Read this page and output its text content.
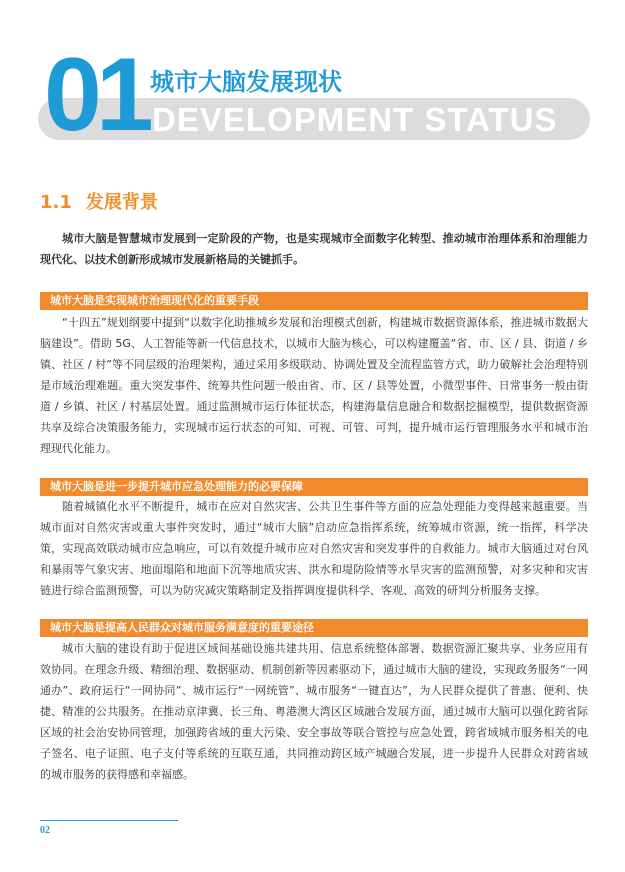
01 城市大脑发展现状
DEVELOPMENT STATUS
1.1 发展背景

城市大脑是智慧城市发展到一定阶段的产物，也是实现城市全面数字化转型、推动城市治理体系和治理能力现代化、以技术创新形成城市发展新格局的关键抓手。

城市大脑是实现城市治理现代化的重要手段

“十四五”规划纲要中提到“以数字化助推城乡发展和治理模式创新，构建城市数据资源体系，推进城市数据大脑建设”。借助 5G、人工智能等新一代信息技术，以城市大脑为核心，可以构建覆盖“省、市、区 / 县、街道 / 乡镇、社区 / 村”等不同层级的治理架构，通过采用多级联动、协调处置及全流程监管方式，助力破解社会治理特别是市域治理难题。重大突发事件、统筹共性问题一般由省、市、区 / 县等处置，小微型事件、日常事务一般由街道 / 乡镇、社区 / 村基层处置。通过监测城市运行体征状态，构建海量信息融合和数据挖掘模型，提供数据资源共享及综合决策服务能力，实现城市运行状态的可知、可视、可管、可判，提升城市运行管理服务水平和城市治理现代化能力。

城市大脑是进一步提升城市应急处理能力的必要保障

随着城镇化水平不断提升，城市在应对自然灾害、公共卫生事件等方面的应急处理能力变得越来越重要。当城市面对自然灾害或重大事件突发时，通过“城市大脑”启动应急指挥系统，统筹城市资源，统一指挥，科学决策，实现高效联动城市应急响应，可以有效提升城市应对自然灾害和突发事件的自救能力。城市大脑通过对台风和暴雨等气象灾害、地面塌陷和地面下沉等地质灾害、洪水和堤防险情等水旱灾害的监测预警，对多灾种和灾害链进行综合监测预警，可以为防灾减灾策略制定及指挥调度提供科学、客观、高效的研判分析服务支撑。

城市大脑是提高人民群众对城市服务满意度的重要途径

城市大脑的建设有助于促进区域间基础设施共建共用、信息系统整体部署、数据资源汇聚共享、业务应用有效协同。在理念升级、精细治理、数据驱动、机制创新等因素驱动下，通过城市大脑的建设，实现政务服务“一网通办”、政府运行“一网协同”、城市运行“一网统管”、城市服务“一键直达”，为人民群众提供了普惠、便利、快捷、精准的公共服务。在推动京津冀、长三角、粤港澳大湾区区域融合发展方面，通过城市大脑可以强化跨省际区域的社会治安协同管理，加强跨省域的重大污染、安全事故等联合管控与应急处置，跨省域城市服务相关的电子签名、电子证照、电子支付等系统的互联互通，共同推动跨区域产城融合发展，进一步提升人民群众对跨省域的城市服务的获得感和幸福感。

02
